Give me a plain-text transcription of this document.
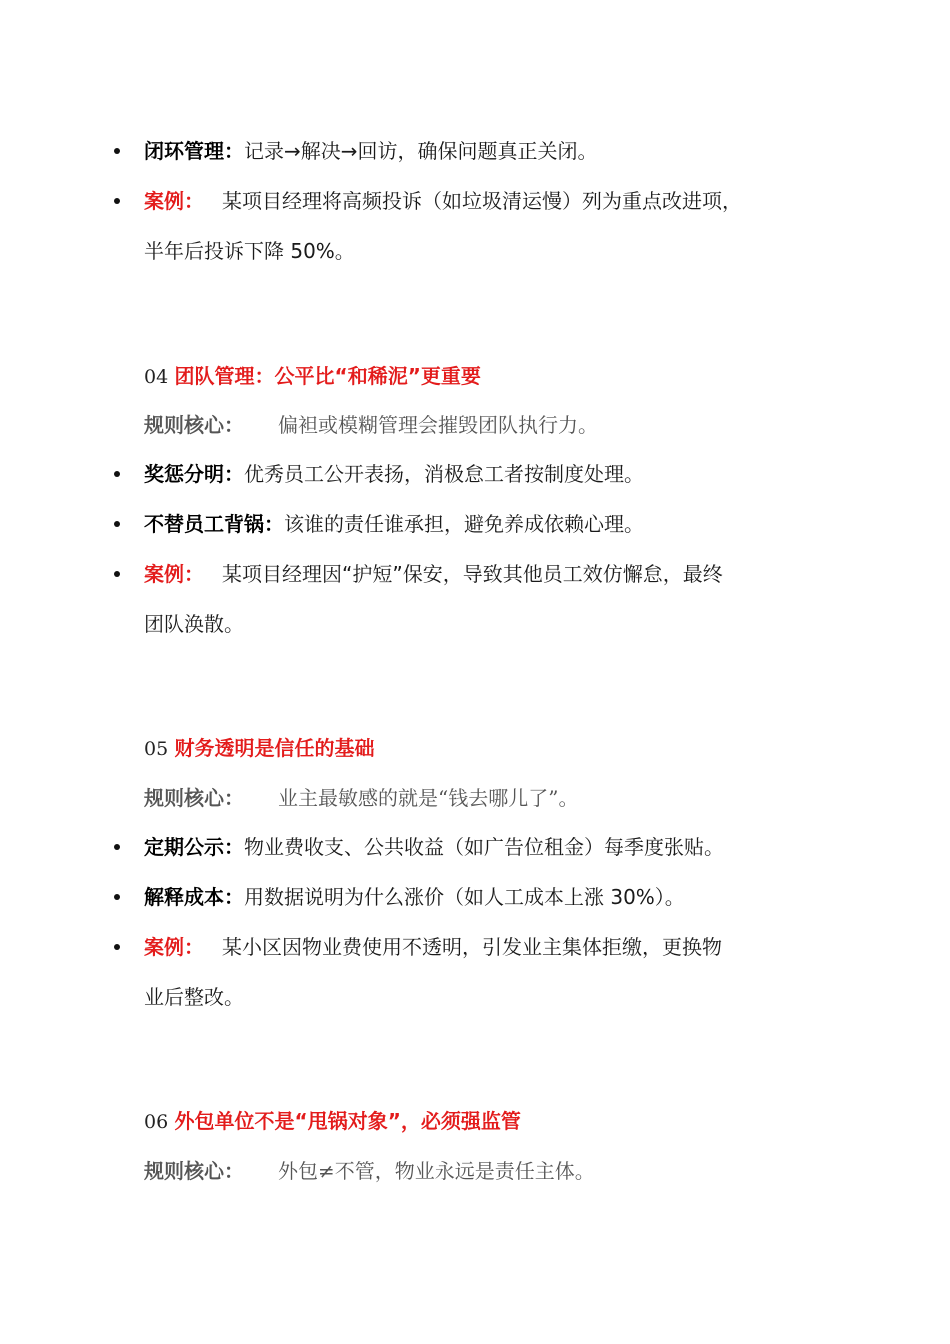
闭环管理：记录→解决→回访，确保问题真正关闭。
案例： 某项目经理将高频投诉（如垃圾清运慢）列为重点改进项，
半年后投诉下降 50%。
04 团队管理：公平比“和稀泥”更重要
规则核心： 偏袒或模糊管理会摧毁团队执行力。
奖惩分明：优秀员工公开表扬，消极怠工者按制度处理。
不替员工背锅：该谁的责任谁承担，避免养成依赖心理。
案例： 某项目经理因“护短”保安，导致其他员工效仿懈怠，最终
团队涣散。
05 财务透明是信任的基础
规则核心： 业主最敏感的就是“钱去哪儿了”。
定期公示：物业费收支、公共收益（如广告位租金）每季度张贴。
解释成本：用数据说明为什么涨价（如人工成本上涨 30%）。
案例： 某小区因物业费使用不透明，引发业主集体拒缴，更换物
业后整改。
06 外包单位不是“甩锅对象”，必须强监管
规则核心： 外包≠不管，物业永远是责任主体。
